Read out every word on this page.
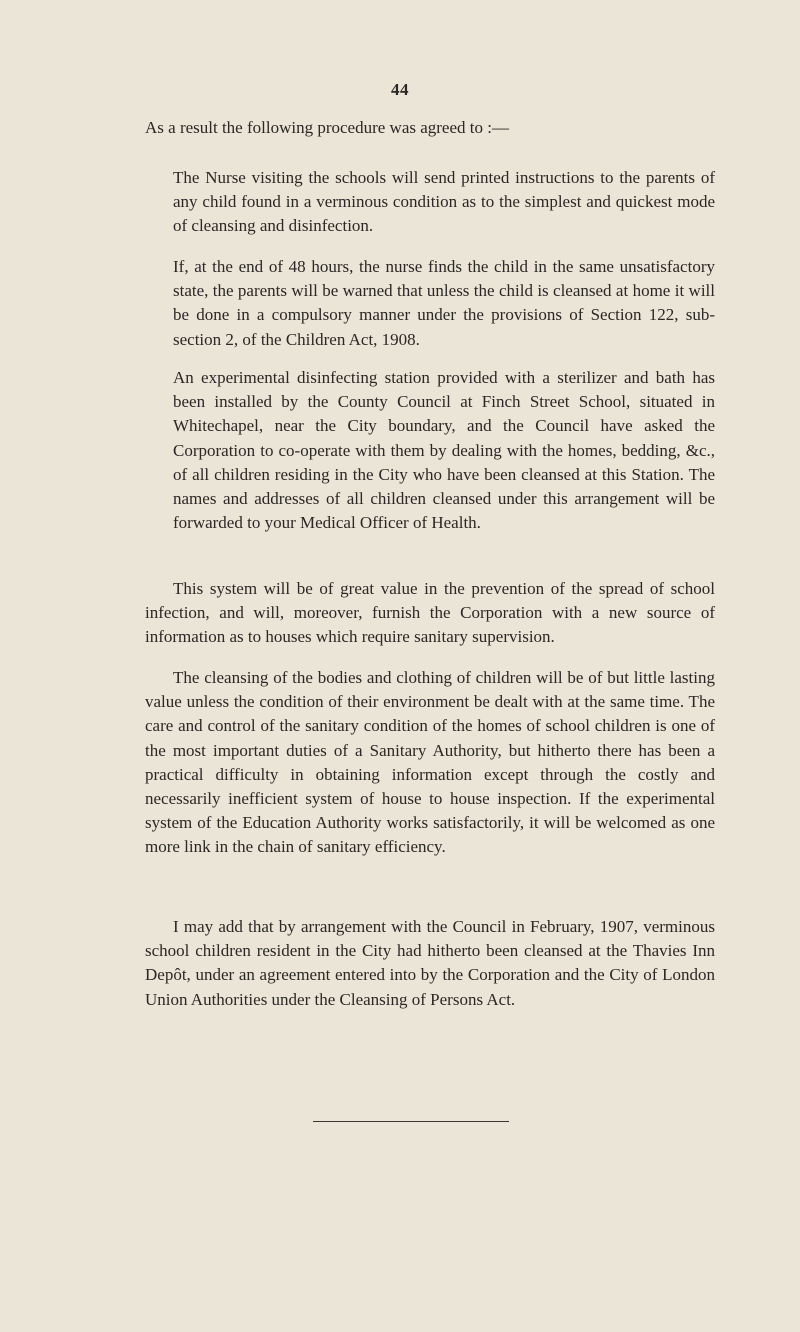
44

As a result the following procedure was agreed to :—

The Nurse visiting the schools will send printed instructions to the parents of any child found in a verminous condition as to the simplest and quickest mode of cleansing and disinfection.

If, at the end of 48 hours, the nurse finds the child in the same unsatisfactory state, the parents will be warned that unless the child is cleansed at home it will be done in a compulsory manner under the provisions of Section 122, sub-section 2, of the Children Act, 1908.

An experimental disinfecting station provided with a sterilizer and bath has been installed by the County Council at Finch Street School, situated in Whitechapel, near the City boundary, and the Council have asked the Corporation to co-operate with them by dealing with the homes, bedding, &c., of all children residing in the City who have been cleansed at this Station. The names and addresses of all children cleansed under this arrangement will be forwarded to your Medical Officer of Health.

This system will be of great value in the prevention of the spread of school infection, and will, moreover, furnish the Corporation with a new source of information as to houses which require sanitary supervision.

The cleansing of the bodies and clothing of children will be of but little lasting value unless the condition of their environment be dealt with at the same time. The care and control of the sanitary condition of the homes of school children is one of the most important duties of a Sanitary Authority, but hitherto there has been a practical difficulty in obtaining information except through the costly and necessarily inefficient system of house to house inspection. If the experimental system of the Education Authority works satisfactorily, it will be welcomed as one more link in the chain of sanitary efficiency.

I may add that by arrangement with the Council in February, 1907, verminous school children resident in the City had hitherto been cleansed at the Thavies Inn Depôt, under an agreement entered into by the Corporation and the City of London Union Authorities under the Cleansing of Persons Act.
